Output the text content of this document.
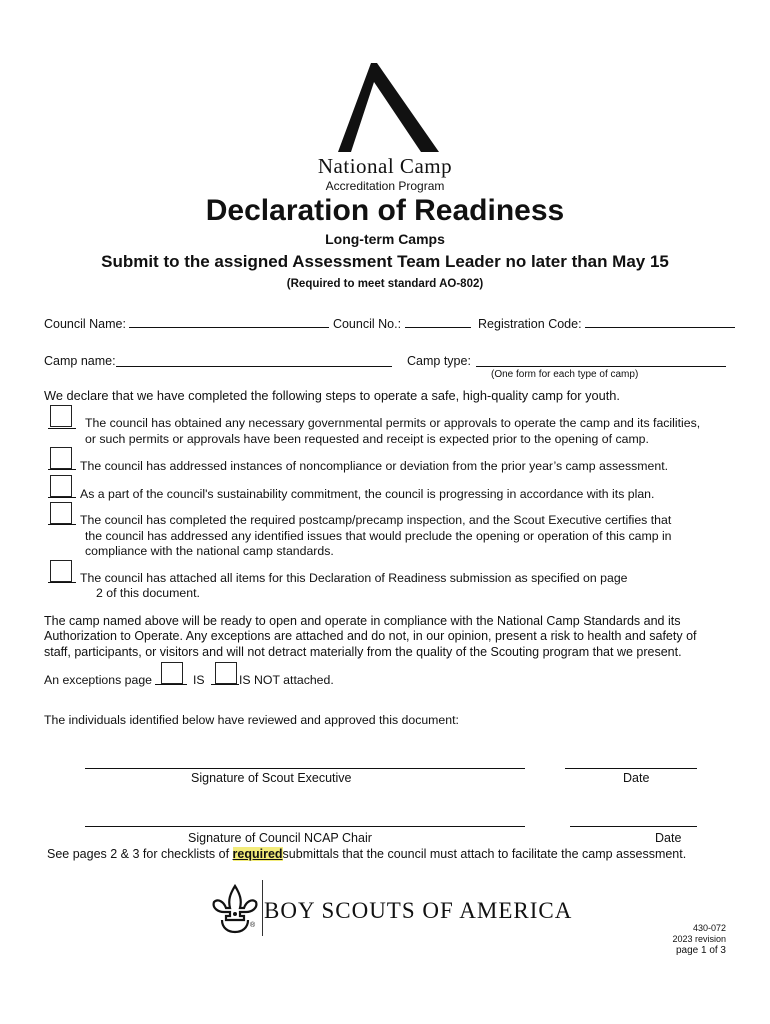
National Camp
Accreditation Program
Declaration of Readiness
Long-term Camps
Submit to the assigned Assessment Team Leader no later than May 15
(Required to meet standard AO-802)
Council Name:	Council No.:	Registration Code:
Camp name:	Camp type:
(One form for each type of camp)
We declare that we have completed the following steps to operate a safe, high-quality camp for youth.
The council has obtained any necessary governmental permits or approvals to operate the camp and its facilities,
or such permits or approvals have been requested and receipt is expected prior to the opening of camp.
The council has addressed instances of noncompliance or deviation from the prior year’s camp assessment.
As a part of the council's sustainability commitment, the council is progressing in accordance with its plan.
The council has completed the required postcamp/precamp inspection, and the Scout Executive certifies that
the council has addressed any identified issues that would preclude the opening or operation of this camp in
compliance with the national camp standards.
The council has attached all items for this Declaration of Readiness submission as specified on page
2 of this document.
The camp named above will be ready to open and operate in compliance with the National Camp Standards and its
Authorization to Operate. Any exceptions are attached and do not, in our opinion, present a risk to health and safety of
staff, participants, or visitors and will not detract materially from the quality of the Scouting program that we present.
An exceptions page	IS	IS NOT attached.
The individuals identified below have reviewed and approved this document:
Signature of Scout Executive	Date
Signature of Council NCAP Chair	Date
See pages 2 & 3 for checklists of requiredsubmittals that the council must attach to facilitate the camp assessment.
®
BOY SCOUTS OF AMERICA
430-072
2023 revision
page 1 of 3
